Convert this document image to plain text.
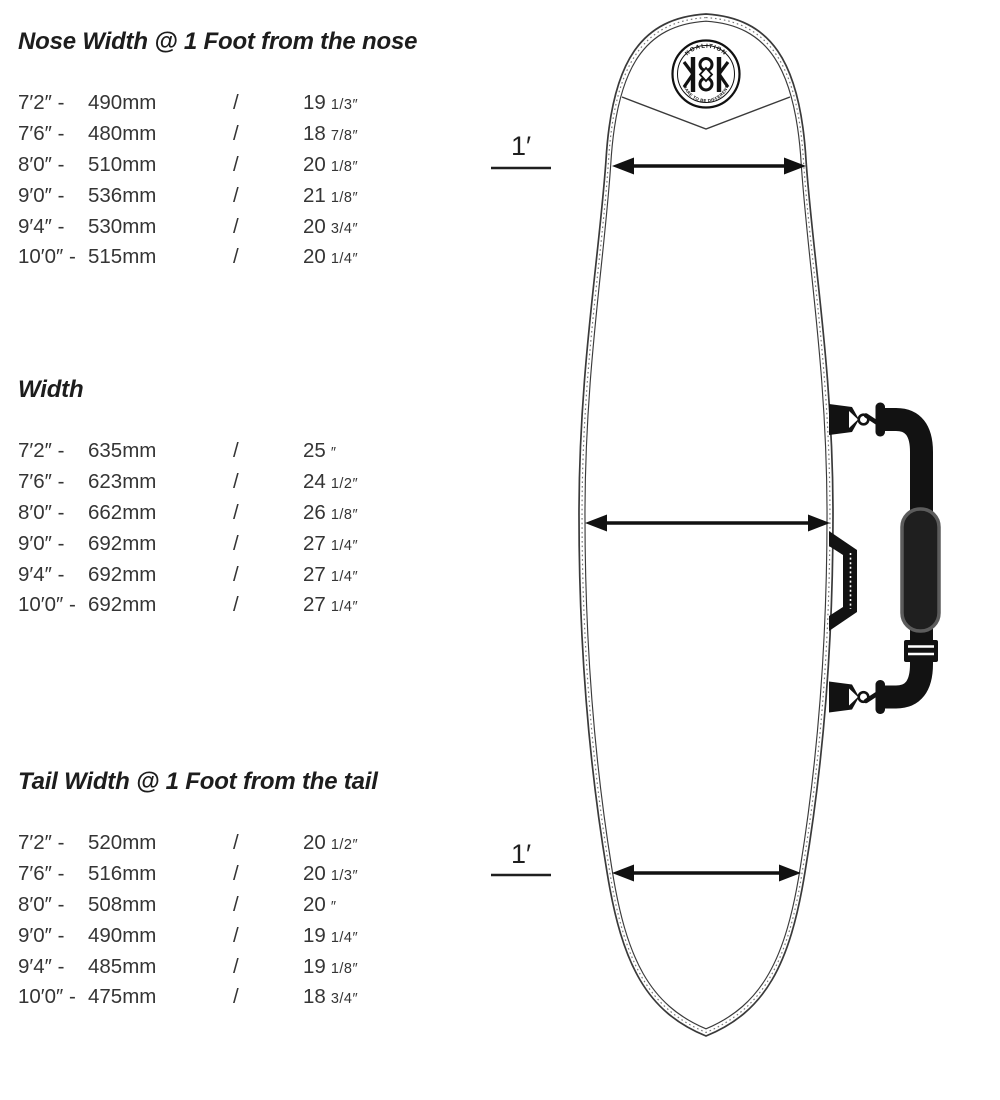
KOALITION
DARE TO BE DIFFERENT
1′
1′
Nose Width @ 1 Foot from the nose
7′2″ -	490mm	/	19 1/3″
7′6″ -	480mm	/	18 7/8″
8′0″ -	510mm	/	20 1/8″
9′0″ -	536mm	/	21 1/8″
9′4″ -	530mm	/	20 3/4″
10′0″ - 515mm	/	20 1/4″
Width
7′2″ -	635mm	/	25 ″
7′6″ -	623mm	/	24 1/2″
8′0″ -	662mm	/	26 1/8″
9′0″ -	692mm	/	27 1/4″
9′4″ -	692mm	/	27 1/4″
10′0″ - 692mm	/	27 1/4″
Tail Width @ 1 Foot from the tail
7′2″ -	520mm	/	20 1/2″
7′6″ -	516mm	/	20 1/3″
8′0″ -	508mm	/	20 ″
9′0″ -	490mm	/	19 1/4″
9′4″ -	485mm	/	19 1/8″
10′0″ - 475mm	/	18 3/4″
